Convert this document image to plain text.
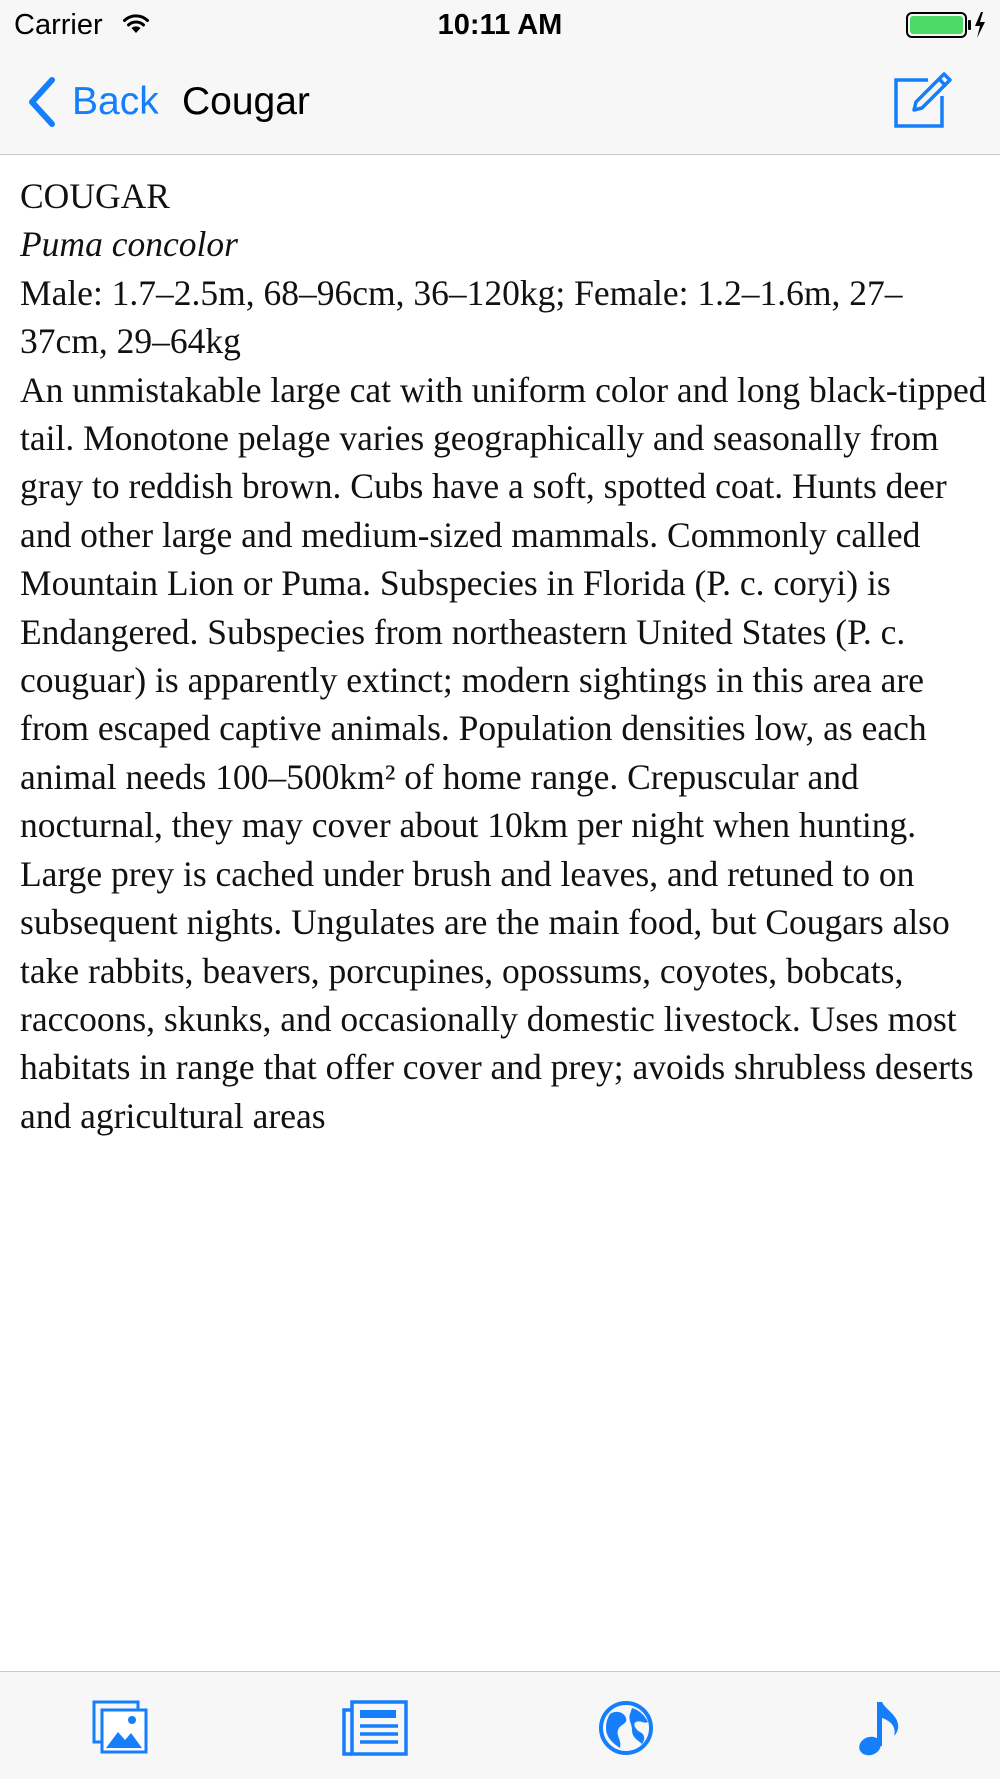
Carrier	10:11 AM
Back Cougar

COUGAR

Puma concolor

Male: 1.7–2.5m, 68–96cm, 36–120kg; Female: 1.2–1.6m, 27–37cm, 29–64kg

An unmistakable large cat with uniform color and long black-tipped tail. Monotone pelage varies geographically and seasonally from gray to reddish brown. Cubs have a soft, spotted coat. Hunts deer and other large and medium-sized mammals. Commonly called Mountain Lion or Puma. Subspecies in Florida (P. c. coryi) is Endangered. Subspecies from northeastern United States (P. c. couguar) is apparently extinct; modern sightings in this area are from escaped captive animals. Population densities low, as each animal needs 100–500km² of home range. Crepuscular and nocturnal, they may cover about 10km per night when hunting. Large prey is cached under brush and leaves, and retuned to on subsequent nights. Ungulates are the main food, but Cougars also take rabbits, beavers, porcupines, opossums, coyotes, bobcats, raccoons, skunks, and occasionally domestic livestock. Uses most habitats in range that offer cover and prey; avoids shrubless deserts and agricultural areas
